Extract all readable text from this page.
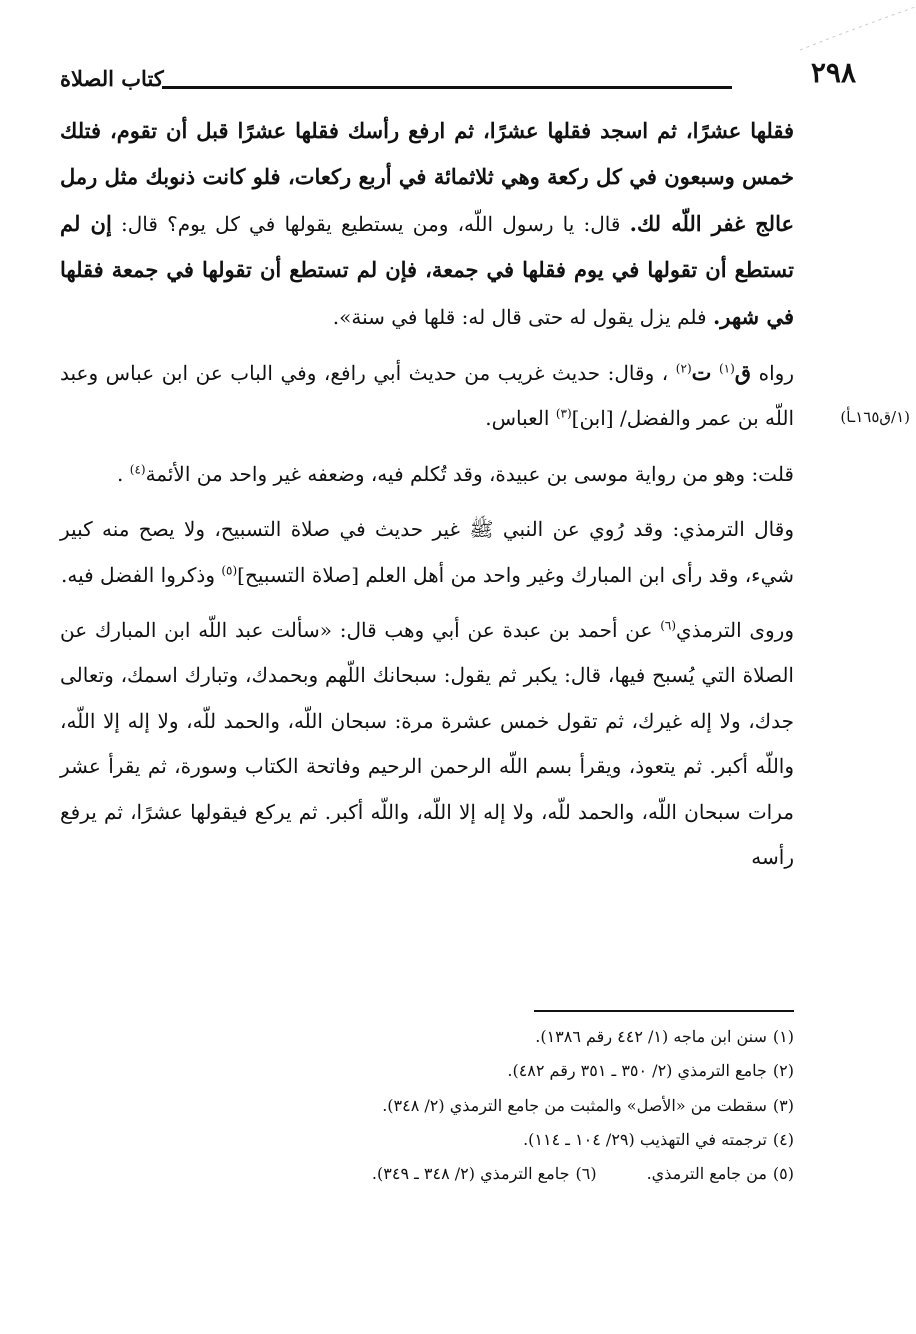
٢٩٨
كتاب الصلاة

فقلها عشرًا، ثم اسجد فقلها عشرًا، ثم ارفع رأسك فقلها عشرًا قبل أن تقوم، فتلك خمس وسبعون في كل ركعة وهي ثلاثمائة في أربع ركعات، فلو كانت ذنوبك مثل رمل عالج غفر اللّه لك. قال: يا رسول اللّه، ومن يستطيع يقولها في كل يوم؟ قال: إن لم تستطع أن تقولها في يوم فقلها في جمعة، فإن لم تستطع أن تقولها في جمعة فقلها في شهر. فلم يزل يقول له حتى قال له: قلها في سنة».

رواه ق$^{(١)}$ ت$^{(٢)}$ ، وقال: حديث غريب من حديث أبي رافع، وفي الباب عن ابن عباس وعبد اللّه بن عمر والفضل/ [ابن]$^{(٣)}$ العباس.

قلت: وهو من رواية موسى بن عبيدة، وقد تُكلم فيه، وضعفه غير واحد من الأئمة$^{(٤)}$ .

وقال الترمذي: وقد رُوي عن النبي ﷺ غير حديث في صلاة التسبيح، ولا يصح منه كبير شيء، وقد رأى ابن المبارك وغير واحد من أهل العلم [صلاة التسبيح]$^{(٥)}$ وذكروا الفضل فيه.

وروى الترمذي$^{(٦)}$ عن أحمد بن عبدة عن أبي وهب قال: «سألت عبد اللّه ابن المبارك عن الصلاة التي يُسبح فيها، قال: يكبر ثم يقول: سبحانك اللّهم وبحمدك، وتبارك اسمك، وتعالى جدك، ولا إله غيرك، ثم تقول خمس عشرة مرة: سبحان اللّه، والحمد للّه، ولا إله إلا اللّه، واللّه أكبر. ثم يتعوذ، ويقرأ بسم اللّه الرحمن الرحيم وفاتحة الكتاب وسورة، ثم يقرأ عشر مرات سبحان اللّه، والحمد للّه، ولا إله إلا اللّه، واللّه أكبر. ثم يركع فيقولها عشرًا، ثم يرفع رأسه

(١/ق١٦٥ـأ)

(١)سنن ابن ماجه (١/ ٤٤٢ رقم ١٣٨٦).

(٢)جامع الترمذي (٢/ ٣٥٠ ـ ٣٥١ رقم ٤٨٢).

(٣)سقطت من «الأصل» والمثبت من جامع الترمذي (٢/ ٣٤٨).

(٤)ترجمته في التهذيب (٢٩/ ١٠٤ ـ ١١٤).

(٥)من جامع الترمذي.(٦)جامع الترمذي (٢/ ٣٤٨ ـ ٣٤٩).
